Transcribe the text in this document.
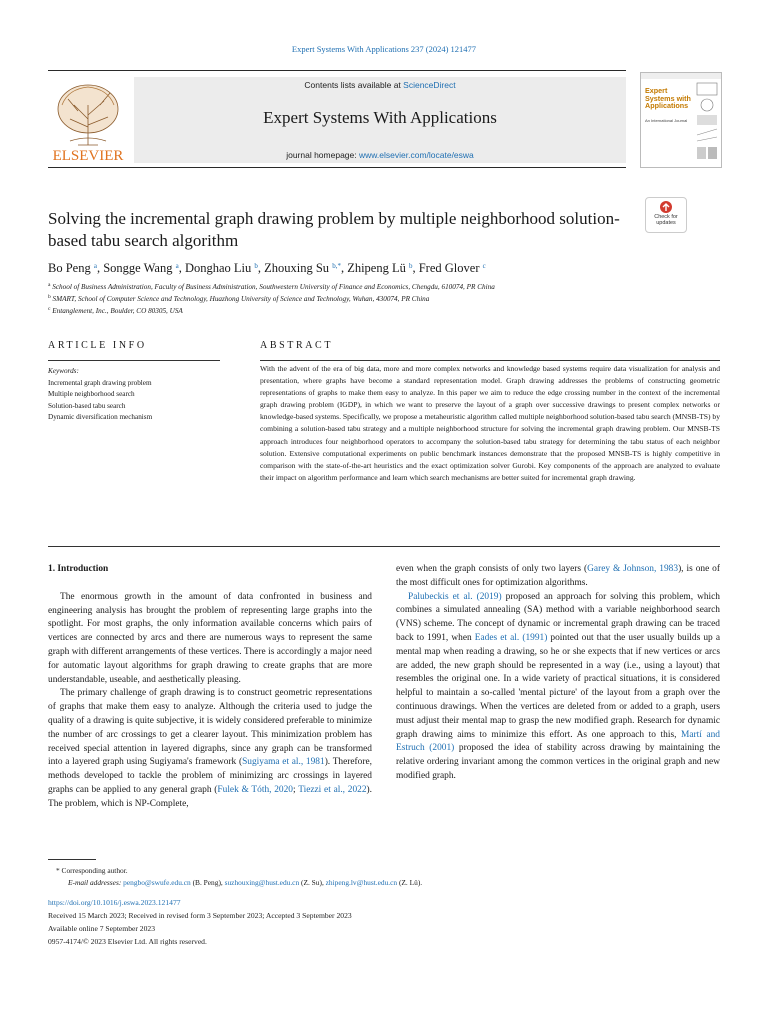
Expert Systems With Applications 237 (2024) 121477
ELSEVIER
Contents lists available at ScienceDirect
Expert Systems With Applications
journal homepage: www.elsevier.com/locate/eswa
Expert Systems with Applications
An International Journal
Solving the incremental graph drawing problem by multiple neighborhood solution-based tabu search algorithm
Check for updates
Bo Peng $^a$, Songge Wang $^a$, Donghao Liu $^b$, Zhouxing Su $^{b,*}$, Zhipeng Lü $^b$, Fred Glover $^c$
$^a$ School of Business Administration, Faculty of Business Administration, Southwestern University of Finance and Economics, Chengdu, 610074, PR China
$^b$ SMART, School of Computer Science and Technology, Huazhong University of Science and Technology, Wuhan, 430074, PR China
$^c$ Entanglement, Inc., Boulder, CO 80305, USA
ARTICLE INFO	ABSTRACT
Keywords:
Incremental graph drawing problem
Multiple neighborhood search
Solution-based tabu search
Dynamic diversification mechanism
With the advent of the era of big data, more and more complex networks and knowledge based systems require data visualization for analysis and presentation, where graphs have become a standard representation model. Graph drawing addresses the problems of constructing geometric representations of graphs to make them easy to analyze. In this paper we aim to reduce the edge crossing number in the context of the incremental graph drawing problem (IGDP), in which we want to preserve the layout of a graph over successive drawings to present complex networks or knowledge-based systems. Specifically, we propose a metaheuristic algorithm called multiple neighborhood solution-based tabu search (MNSB-TS) by combining a solution-based tabu strategy and a multiple neighborhood structure for solving the incremental graph drawing problem. Our MNSB-TS approach introduces four neighborhood operators to accompany the solution-based tabu strategy for determining the tabu status of each neighbor solution. Extensive computational experiments on public benchmark instances demonstrate that the proposed MNSB-TS is highly competitive in comparison with the state-of-the-art heuristics and the exact optimization solver Gurobi. Key components of the approach are analyzed to evaluate their impact on algorithm performance and learn which search mechanisms are better suited for incremental graph drawing.

1. Introduction

The enormous growth in the amount of data confronted in business and engineering analysis has brought the problem of representing large graphs into the spotlight. For most graphs, the only information available concerns which pairs of vertices are connected by arcs and there are numerous ways to represent the same graph with different arrangements of these vertices. There is accordingly a major need for automatic layout algorithms for graph drawing to create graphs that are more understandable, useable, and aesthetically pleasing.

The primary challenge of graph drawing is to construct geometric representations of graphs that make them easy to analyze. Although the criteria used to judge the quality of a drawing is quite subjective, it is widely considered preferable to minimize the number of arc crossings to get a clearer layout. This minimization problem has received special attention in layered digraphs, since any graph can be transformed into a layered graph using Sugiyama's framework (Sugiyama et al., 1981). Therefore, methods developed to tackle the problem of minimizing arc crossings in layered graphs can be applied to any general graph (Fulek & Tóth, 2020; Tiezzi et al., 2022). The problem, which is NP-Complete,

even when the graph consists of only two layers (Garey & Johnson, 1983), is one of the most difficult ones for optimization algorithms.

Palubeckis et al. (2019) proposed an approach for solving this problem, which combines a simulated annealing (SA) method with a variable neighborhood search (VNS) scheme. The concept of dynamic or incremental graph drawing can be traced back to 1991, when Eades et al. (1991) pointed out that the user usually builds up a mental map when reading a drawing, so he or she expects that if new vertices or arcs are added, the new graph should be represented in a way (i.e., using a layout) that resembles the original one. In a wide variety of practical situations, it is considered helpful to maintain a so-called 'mental picture' of the layout from a graph over the continuous drawings. When the vertices are deleted from or added to a graph, users must adjust their mental map to grasp the new modified graph. Research for dynamic graph drawing aims to minimize this effort. As one approach to this, Martí and Estruch (2001) proposed the idea of stability across drawing by maintaining the relative ordering invariant among the common vertices in the original graph and new modified graph.

* Corresponding author.
E-mail addresses: pengbo@swufe.edu.cn (B. Peng), suzhouxing@hust.edu.cn (Z. Su), zhipeng.lv@hust.edu.cn (Z. Lü).
https://doi.org/10.1016/j.eswa.2023.121477
Received 15 March 2023; Received in revised form 3 September 2023; Accepted 3 September 2023
Available online 7 September 2023
0957-4174/© 2023 Elsevier Ltd. All rights reserved.
